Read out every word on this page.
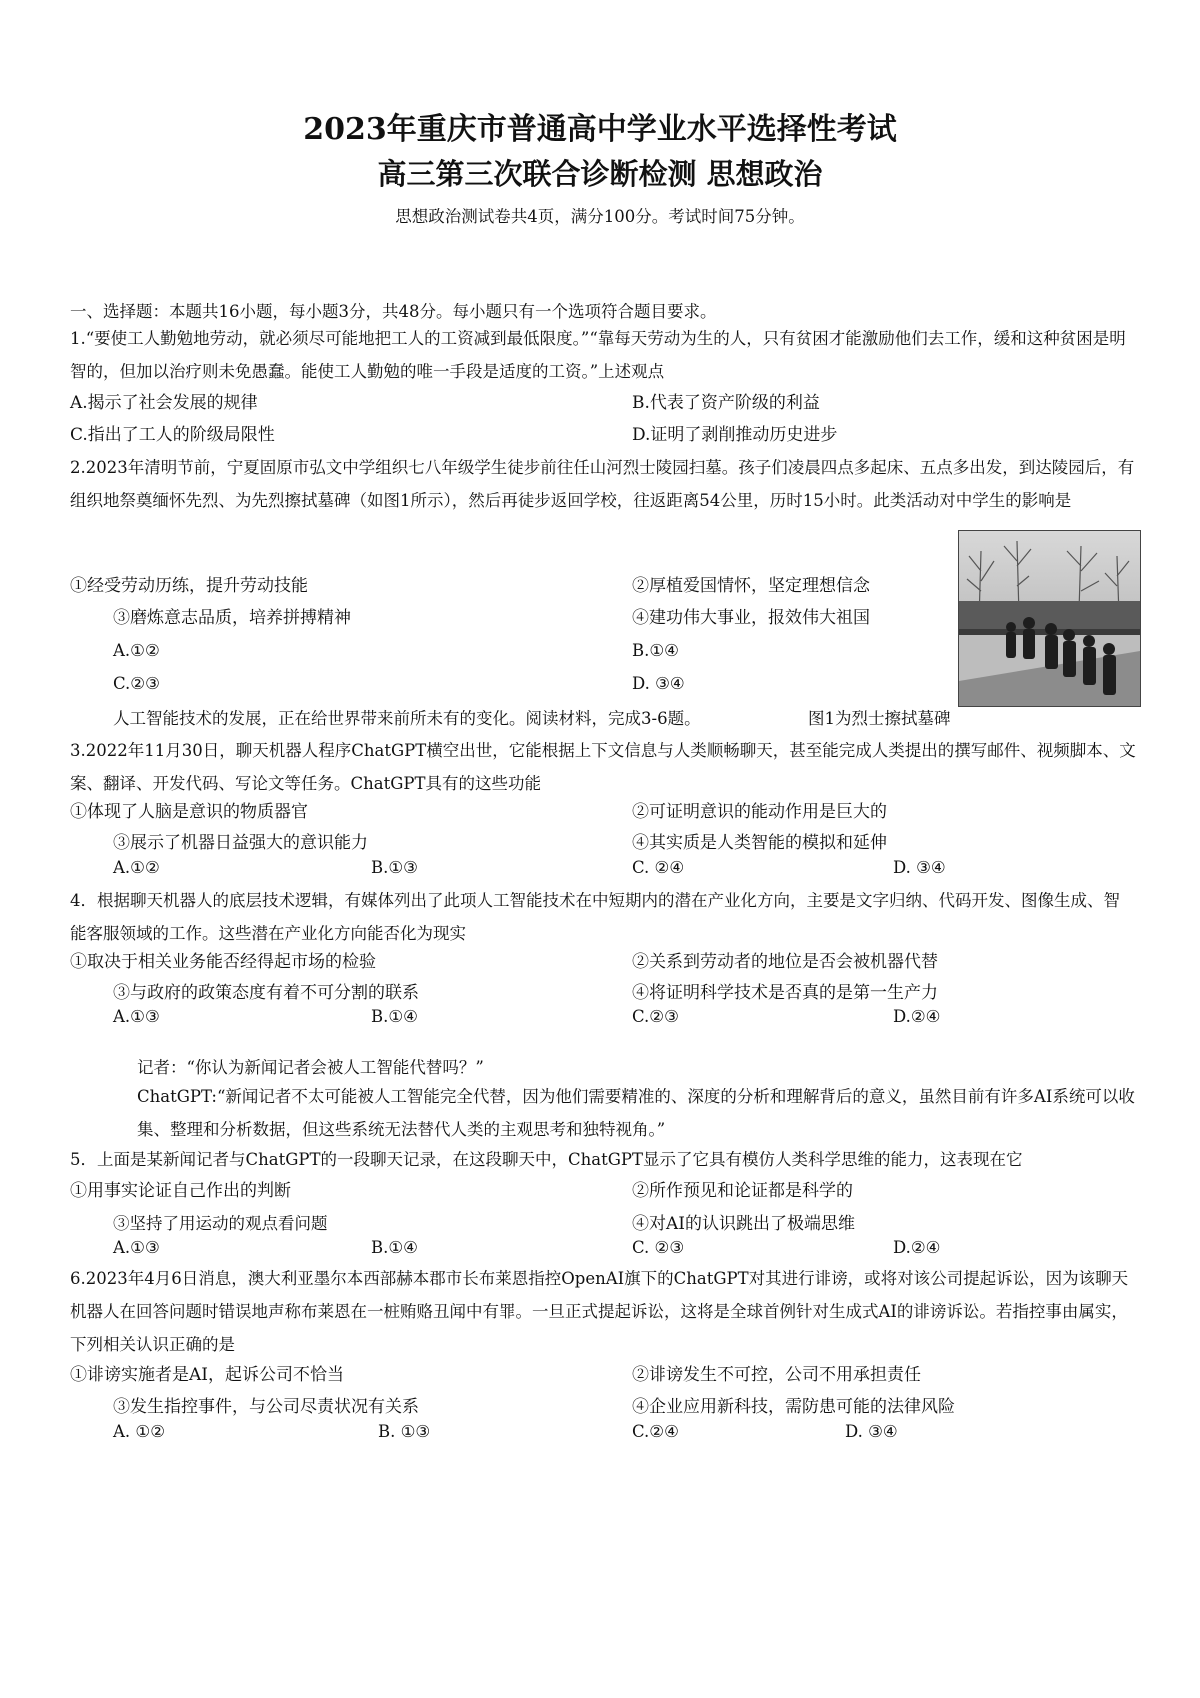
2023年重庆市普通高中学业水平选择性考试
高三第三次联合诊断检测 思想政治
思想政治测试卷共4页，满分100分。考试时间75分钟。
一、选择题：本题共16小题，每小题3分，共48分。每小题只有一个选项符合题目要求。
1.“要使工人勤勉地劳动，就必须尽可能地把工人的工资减到最低限度。”“靠每天劳动为生的人，只有贫困才能激励他们去工作，缓和这种贫困是明智的，但加以治疗则未免愚蠢。能使工人勤勉的唯一手段是适度的工资。”上述观点
A.揭示了社会发展的规律	B.代表了资产阶级的利益
C.指出了工人的阶级局限性	D.证明了剥削推动历史进步
2.2023年清明节前，宁夏固原市弘文中学组织七八年级学生徒步前往任山河烈士陵园扫墓。孩子们凌晨四点多起床、五点多出发，到达陵园后，有组织地祭奠缅怀先烈、为先烈擦拭墓碑（如图1所示），然后再徒步返回学校，往返距离54公里，历时15小时。此类活动对中学生的影响是
①经受劳动历练，提升劳动技能	②厚植爱国情怀，坚定理想信念
③磨炼意志品质，培养拼搏精神	④建功伟大事业，报效伟大祖国
A.①②	B.①④
C.②③	D. ③④
人工智能技术的发展，正在给世界带来前所未有的变化。阅读材料，完成3-6题。	图1为烈士擦拭墓碑
3.2022年11月30日，聊天机器人程序ChatGPT横空出世，它能根据上下文信息与人类顺畅聊天，甚至能完成人类提出的撰写邮件、视频脚本、文案、翻译、开发代码、写论文等任务。ChatGPT具有的这些功能
①体现了人脑是意识的物质器官	②可证明意识的能动作用是巨大的
③展示了机器日益强大的意识能力	④其实质是人类智能的模拟和延伸
A.①②	B.①③	C. ②④	D. ③④
4．根据聊天机器人的底层技术逻辑，有媒体列出了此项人工智能技术在中短期内的潜在产业化方向，主要是文字归纳、代码开发、图像生成、智能客服领域的工作。这些潜在产业化方向能否化为现实
①取决于相关业务能否经得起市场的检验	②关系到劳动者的地位是否会被机器代替
③与政府的政策态度有着不可分割的联系	④将证明科学技术是否真的是第一生产力
A.①③	B.①④	C.②③	D.②④
记者：“你认为新闻记者会被人工智能代替吗？”
ChatGPT:“新闻记者不太可能被人工智能完全代替，因为他们需要精准的、深度的分析和理解背后的意义，虽然目前有许多AI系统可以收集、整理和分析数据，但这些系统无法替代人类的主观思考和独特视角。”
5．上面是某新闻记者与ChatGPT的一段聊天记录，在这段聊天中，ChatGPT显示了它具有模仿人类科学思维的能力，这表现在它
①用事实论证自己作出的判断	②所作预见和论证都是科学的
③坚持了用运动的观点看问题	④对AI的认识跳出了极端思维
A.①③	B.①④	C. ②③	D.②④
6.2023年4月6日消息，澳大利亚墨尔本西部赫本郡市长布莱恩指控OpenAI旗下的ChatGPT对其进行诽谤，或将对该公司提起诉讼，因为该聊天机器人在回答问题时错误地声称布莱恩在一桩贿赂丑闻中有罪。一旦正式提起诉讼，这将是全球首例针对生成式AI的诽谤诉讼。若指控事由属实，下列相关认识正确的是
①诽谤实施者是AI，起诉公司不恰当	②诽谤发生不可控，公司不用承担责任
③发生指控事件，与公司尽责状况有关系	④企业应用新科技，需防患可能的法律风险
A. ①②	B. ①③	C.②④	D. ③④
